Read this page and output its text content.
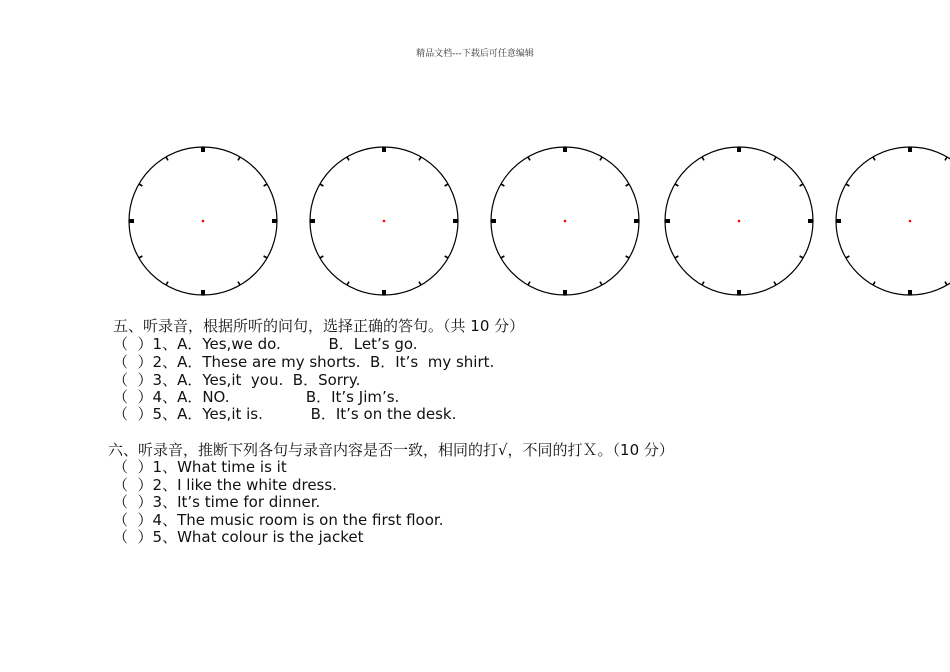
精品文档---下载后可任意编辑
五、听录音，根据所听的问句，选择正确的答句。（共 10 分）
（  ）1、A．Yes,we do.          B．Let’s go.
（  ）2、A．These are my shorts.  B．It’s  my shirt.
（  ）3、A．Yes,it  you.  B．Sorry.
（  ）4、A．NO.                B．It’s Jim’s.
（  ）5、A．Yes,it is.          B．It’s on the desk.
六、听录音，推断下列各句与录音内容是否一致，相同的打√，不同的打Ｘ。（10 分）
（  ）1、What time is it
（  ）2、I like the white dress.
（  ）3、It’s time for dinner.
（  ）4、The music room is on the first floor.
（  ）5、What colour is the jacket
